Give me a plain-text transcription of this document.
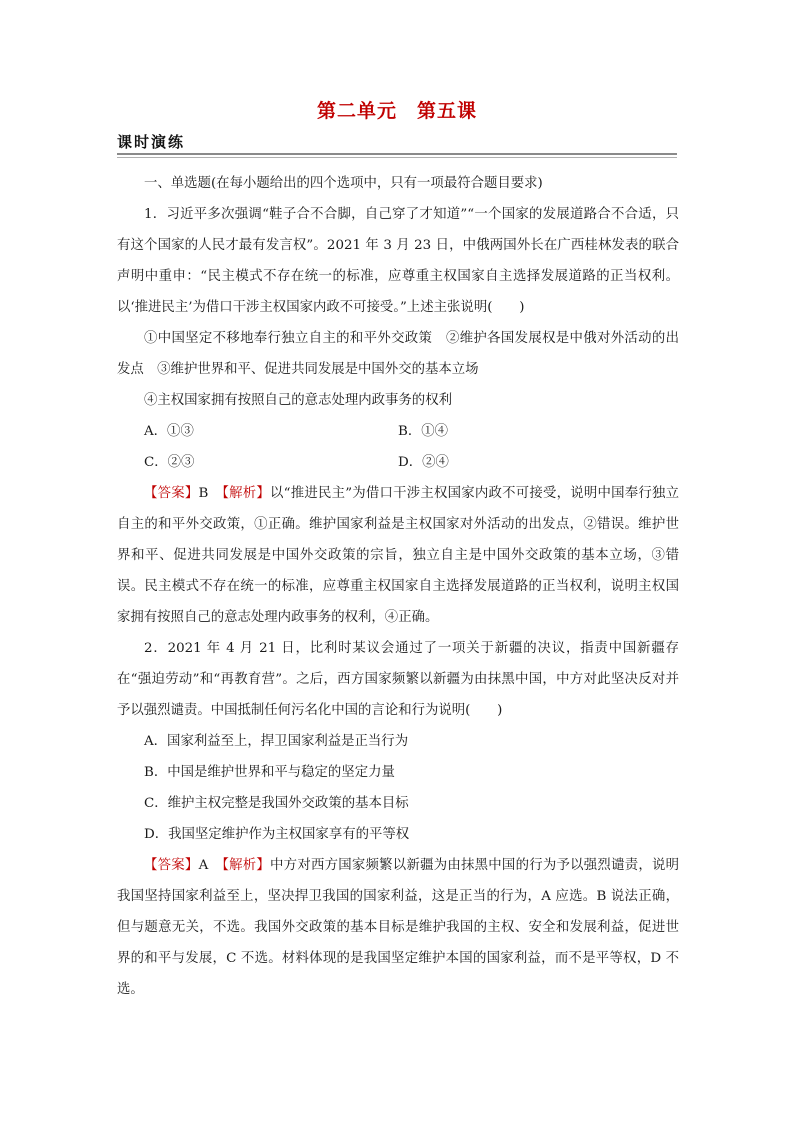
第二单元　第五课
课时演练

一、单选题(在每小题给出的四个选项中，只有一项最符合题目要求)

1．习近平多次强调“鞋子合不合脚，自己穿了才知道”“一个国家的发展道路合不合适，只有这个国家的人民才最有发言权”。2021 年 3 月 23 日，中俄两国外长在广西桂林发表的联合声明中重申：“民主模式不存在统一的标准，应尊重主权国家自主选择发展道路的正当权利。以‘推进民主’为借口干涉主权国家内政不可接受。”上述主张说明(　　)

①中国坚定不移地奉行独立自主的和平外交政策　②维护各国发展权是中俄对外活动的出发点　③维护世界和平、促进共同发展是中国外交的基本立场

④主权国家拥有按照自己的意志处理内政事务的权利

A．①③	B．①④
C．②③	D．②④

【答案】B　 【解析】以“推进民主”为借口干涉主权国家内政不可接受，说明中国奉行独立自主的和平外交政策，①正确。维护国家利益是主权国家对外活动的出发点，②错误。维护世界和平、促进共同发展是中国外交政策的宗旨，独立自主是中国外交政策的基本立场，③错误。民主模式不存在统一的标准，应尊重主权国家自主选择发展道路的正当权利，说明主权国家拥有按照自己的意志处理内政事务的权利，④正确。

2．2021 年 4 月 21 日，比利时某议会通过了一项关于新疆的决议，指责中国新疆存在“强迫劳动”和“再教育营”。之后，西方国家频繁以新疆为由抹黑中国，中方对此坚决反对并予以强烈谴责。中国抵制任何污名化中国的言论和行为说明(　　)

A．国家利益至上，捍卫国家利益是正当行为

B．中国是维护世界和平与稳定的坚定力量

C．维护主权完整是我国外交政策的基本目标

D．我国坚定维护作为主权国家享有的平等权

【答案】A　 【解析】中方对西方国家频繁以新疆为由抹黑中国的行为予以强烈谴责，说明我国坚持国家利益至上，坚决捍卫我国的国家利益，这是正当的行为，A 应选。B 说法正确，但与题意无关，不选。我国外交政策的基本目标是维护我国的主权、安全和发展利益，促进世界的和平与发展，C 不选。材料体现的是我国坚定维护本国的国家利益，而不是平等权，D 不选。
